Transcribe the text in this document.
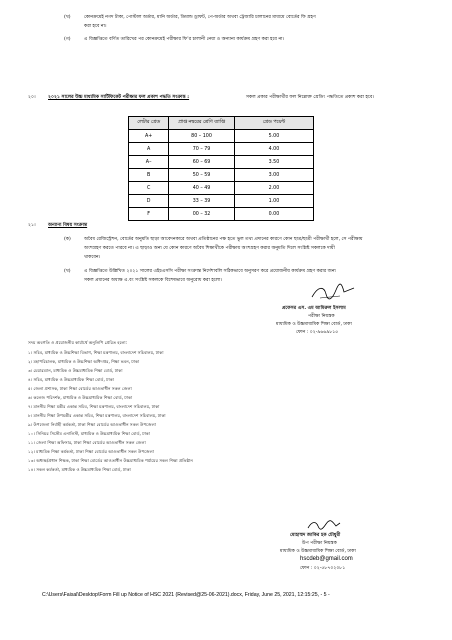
(খ)	কোনক্রমেই নগদ টাকা, পোস্টাল অর্ডার, মানি অর্ডার, ডিমান্ড ড্রাফট, পে-অর্ডার অথবা ট্রেজারি চালানের মাধ্যমে বোর্ডের ফি গ্রহণ
করা হবে না।
(গ)	এ বিজ্ঞপ্তিতে বর্ণিত তারিখের পর কোনক্রমেই পরীক্ষার ফি’র চালানী নেয়া ও অন্যান্য কার্যক্রম গ্রহণ করা হবে না।
২০।	২০২১ সালের উচ্চ মাধ্যমিক সার্টিফিকেট পরীক্ষার ফল প্রকাশ পদ্ধতি সংক্রান্ত :	সকল প্রকার পরীক্ষার্থীর ফল নিম্নোক্ত গ্রেডিং পদ্ধতিতে প্রকাশ করা হবে।
লেটার গ্রেড	প্রাপ্ত নম্বরের শ্রেণি ব্যাপ্তি	গ্রেড পয়েন্ট
A+	80 – 100	5.00
A	70 – 79	4.00
A–	60 – 69	3.50
B	50 – 59	3.00
C	40 – 49	2.00
D	33 – 39	1.00
F	00 – 32	0.00
২১।	অন্যান্য বিষয় সংক্রান্ত
(ক)	অবৈধ রেজিস্ট্রেশন, বোর্ডের অনুমতি ছাড়া আবেদনকারে অথবা প্রতিষ্ঠানের পক্ষ হতে ভুল তথ্য প্রদানের কারণে কোন ছাত্র/ছাত্রী পরীক্ষার্থী হলে, সে পরীক্ষায়
অংশগ্রহণ করতে পারবে না। এ ছাড়াও অন্য যে কোন কারণে অবৈধ শিক্ষার্থীকে পরীক্ষায় অংশগ্রহণ করার অনুমতি দিলে সংশ্লিষ্ট সকলকে দায়ী
থাকবেন।
(খ)	এ বিজ্ঞপ্তিতে উল্লিখিত ২০২১ সালের এইচএসসি পরীক্ষা সংক্রান্ত নির্দেশাবলি সঠিকভাবে অনুসরণ করে প্রয়োজনীয় কার্যক্রম গ্রহণ করার জন্য
সকল প্রধানের অধ্যক্ষ এ.বং সংশ্লিষ্ট সকলকে বিশেষভাবে অনুরোধ করা হলো।
প্রফেসর এস. এম আমিরুল ইসলাম
পরীক্ষা নিয়ন্ত্রক
মাধ্যমিক ও উচ্চমাধ্যমিক শিক্ষা বোর্ড, ঢাকা
ফোন : ০২-৯৬৬৯৮১৫
সদয় অবগতি ও প্রয়োজনীয় কার্যার্থে অনুলিপি প্রেরিত হলো:
১। সচিব, মাধ্যমিক ও উচ্চশিক্ষা বিভাগ, শিক্ষা মন্ত্রণালয়, বাংলাদেশ সচিবালয়, ঢাকা
২। মহাপরিচালক, মাধ্যমিক ও উচ্চশিক্ষা অধিদপ্তর, শিক্ষা ভবন, ঢাকা
৩। চেয়ারম্যান, মাধ্যমিক ও উচ্চমাধ্যমিক শিক্ষা বোর্ড, ঢাকা
৪। সচিব, মাধ্যমিক ও উচ্চমাধ্যমিক শিক্ষা বোর্ড, ঢাকা
৫। জেলা প্রশাসক, ঢাকা শিক্ষা বোর্ডের আওতাধীন সকল জেলা
৬। কলেজ পরিদর্শক, মাধ্যমিক ও উচ্চমাধ্যমিক শিক্ষা বোর্ড, ঢাকা
৭। মাননীয় শিক্ষা মন্ত্রীর একান্ত সচিব, শিক্ষা মন্ত্রণালয়, বাংলাদেশ সচিবালয়, ঢাকা
৮। মাননীয় শিক্ষা উপমন্ত্রীর একান্ত সচিব, শিক্ষা মন্ত্রণালয়, বাংলাদেশ সচিবালয়, ঢাকা
৯। উপজেলা নির্বাহী কর্মকর্তা, ঢাকা শিক্ষা বোর্ডের আওতাধীন সকল উপজেলা
১০। সিনিয়র সিস্টেম এনালিস্ট, মাধ্যমিক ও উচ্চমাধ্যমিক শিক্ষা বোর্ড, ঢাকা
১১। জেলা শিক্ষা অফিসার, ঢাকা শিক্ষা বোর্ডের আওতাধীন সকল জেলা
১২। মাধ্যমিক শিক্ষা কর্মকর্তা, ঢাকা শিক্ষা বোর্ডের আওতাধীন সকল উপজেলা
১৩। অধ্যক্ষ/প্রধান শিক্ষক, ঢাকা শিক্ষা বোর্ডের আওতাধীন উচ্চমাধ্যমিক পর্যায়ের সকল শিক্ষা প্রতিষ্ঠান
১৪। সকল কর্মকর্তা, মাধ্যমিক ও উচ্চমাধ্যমিক শিক্ষা বোর্ড, ঢাকা
মোহাম্মদ জাকির হক চৌধুরী
উপ পরীক্ষা নিয়ন্ত্রক
মাধ্যমিক ও উচ্চমাধ্যমিক শিক্ষা বোর্ড, ঢাকা
hscdeb@gmail.com
ফোন : ০২-৫৮৭০২০৮১
C:\Users\Faisal\Desktop\Form Fill up Notice of HSC 2021 (Revised@25-06-2021).docx, Friday, June 25, 2021, 12:15:25, - 5 -
